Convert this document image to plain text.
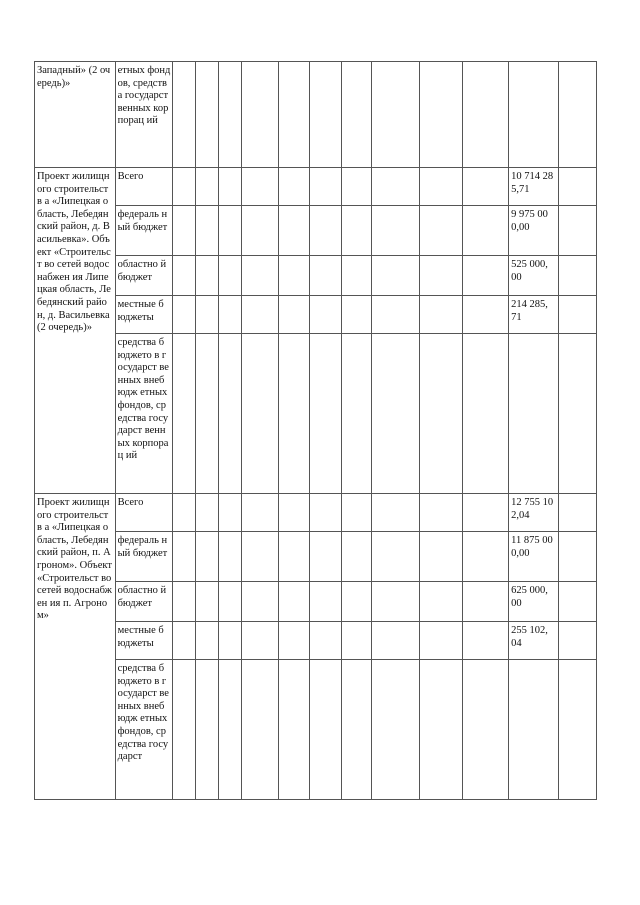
Западный» (2 очередь)»	етных фондов, средства государст венных корпорац ий												
Проект жилищного строительств а «Липецкая область, Лебедянский район, д. Васильевка». Объект «Строительст во сетей водоснабжен ия Липецкая область, Лебедянский район, д. Васильевка (2 очередь)»	Всего											10 714 285,71	
	федераль ный бюджет											9 975 000,00	
	областно й бюджет											525 000, 00	
	местные бюджеты											214 285, 71	
	средства бюджето в государст венных внебюдж етных фондов, средства государст венных корпорац ий												
Проект жилищного строительств а «Липецкая область, Лебедянский район, п. Агроном». Объект «Строительст во сетей водоснабжен ия п. Агроном»	Всего											12 755 102,04	
	федераль ный бюджет											11 875 000,00	
	областно й бюджет											625 000, 00	
	местные бюджеты											255 102, 04	
	средства бюджето в государст венных внебюдж етных фондов, средства государст												
